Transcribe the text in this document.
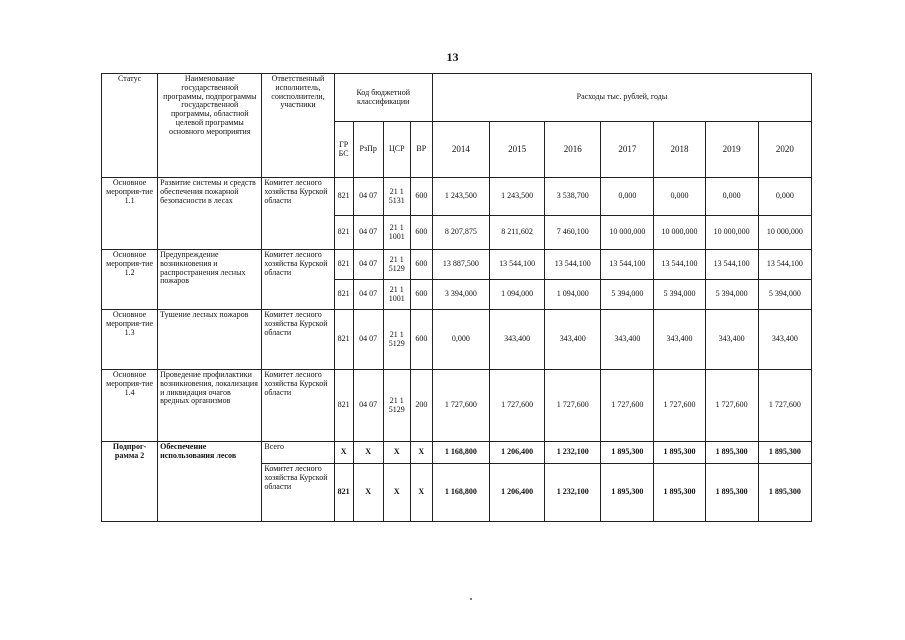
13
Статус	Наименование государственной программы, подпрограммы государственной программы, областной целевой программы основного мероприятия	Ответственный исполнитель, соисполнители, участники	Код бюджетной классификации				Расходы тыс. рублей, годы						
			ГР БС	РзПр	ЦСР	ВР	2014	2015	2016	2017	2018	2019	2020
Основное мероприя-тие 1.1	Развитие системы и средств обеспечения пожарной безопасности в лесах	Комитет лесного хозяйства Курской области	821	04 07	21 1 5131	600	1 243,500	1 243,500	3 538,700	0,000	0,000	0,000	0,000
			821	04 07	21 1 1001	600	8 207,875	8 211,602	7 460,100	10 000,000	10 000,000	10 000,000	10 000,000
Основное мероприя-тие 1.2	Предупреждение возникновения и распространения лесных пожаров	Комитет лесного хозяйства Курской области	821	04 07	21 1 5129	600	13 887,500	13 544,100	13 544,100	13 544,100	13 544,100	13 544,100	13 544,100
			821	04 07	21 1 1001	600	3 394,000	1 094,000	1 094,000	5 394,000	5 394,000	5 394,000	5 394,000
Основное мероприя-тие 1.3	Тушение лесных пожаров	Комитет лесного хозяйства Курской области	821	04 07	21 1 5129	600	0,000	343,400	343,400	343,400	343,400	343,400	343,400
Основное мероприя-тие 1.4	Проведение профилактики возникновения, локализация и ликвидация очагов вредных организмов	Комитет лесного хозяйства Курской области	821	04 07	21 1 5129	200	1 727,600	1 727,600	1 727,600	1 727,600	1 727,600	1 727,600	1 727,600
Подпрог-рамма 2	Обеспечение использования лесов	Всего	X	X	X	X	1 168,800	1 206,400	1 232,100	1 895,300	1 895,300	1 895,300	1 895,300
		Комитет лесного хозяйства Курской области	821	X	X	X	1 168,800	1 206,400	1 232,100	1 895,300	1 895,300	1 895,300	1 895,300
